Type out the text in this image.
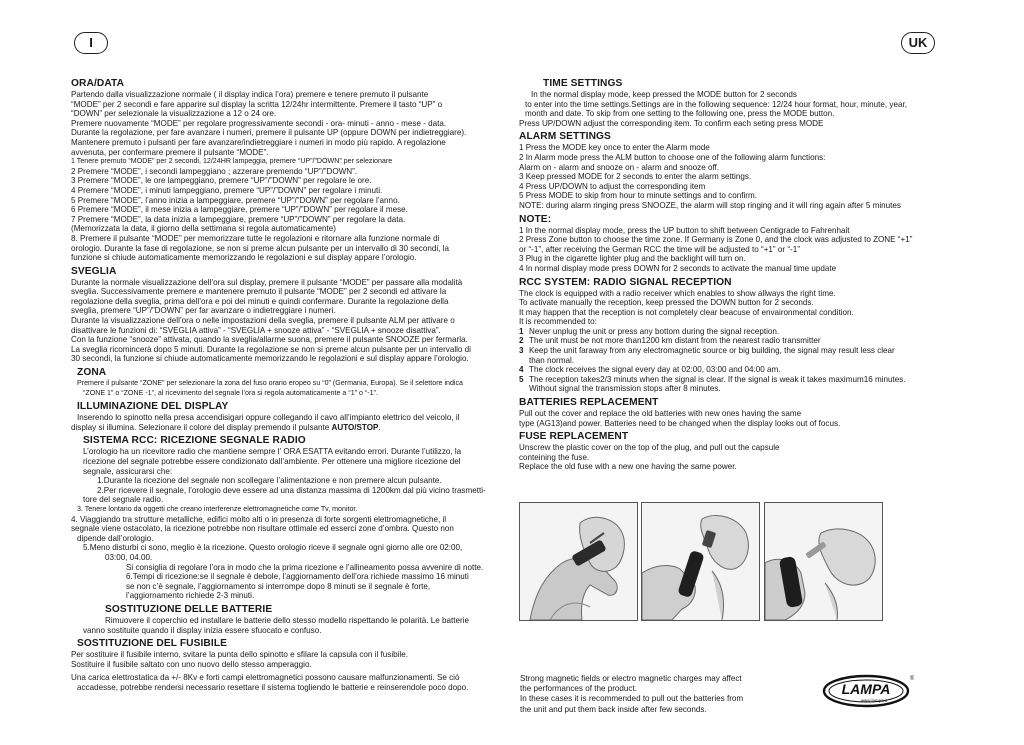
I	UK
ORA/DATA

Partendo dalla visualizzazione normale ( il display indica l’ora) premere e tenere premuto il pulsante

“MODE” per 2 secondi e fare apparire sul display la scritta 12/24hr intermittente. Premere il tasto “UP” o

“DOWN” per selezionale la visualizzazione a 12 o 24 ore.

Premere nuovamente “MODE” per regolare progressivamente secondi - ora- minuti - anno - mese - data.

Durante la regolazione, per fare avanzare i numeri, premere il pulsante UP (oppure DOWN per indietreggiare).

Mantenere premuto i pulsanti per fare avanzare/indietreggiare i numeri in modo più rapido. A regolazione

avvenuta, per confermare premere il pulsante “MODE”.

1 Tenere premuto “MODE” per 2 secondi, 12/24HR lampeggia, premere “UP”/”DOWN” per selezionare

2 Premere “MODE”, i secondi lampeggiano ; azzerare premendo “UP”/”DOWN”.

3 Premere “MODE”, le ore lampeggiano, premere “UP”/”DOWN” per regolare le ore.

4 Premere “MODE”, i minuti lampeggiano, premere “UP”/”DOWN” per regolare i minuti.

5 Premere “MODE”, l’anno inizia a lampeggiare, premere “UP”/”DOWN” per regolare l’anno.

6 Premere “MODE”, il mese inizia a lampeggiare, premere “UP”/”DOWN” per regolare il mese.

7 Premere “MODE”, la data inizia a lampeggiare, premere “UP”/”DOWN” per regolare la data.

(Memorizzata la data, il giorno della settimana si regola automaticamente)

8. Premere il pulsante “MODE” per memorizzare tutte le regolazioni e ritornare alla funzione normale di

orologio. Durante la fase di regolazione, se non si preme alcun pulsante per un intervallo di 30 secondi, la

funzione si chiude automaticamente memorizzando le regolazioni e sul display appare l’orologio.

SVEGLIA

Durante la normale visualizzazione dell’ora sul display, premere il pulsante “MODE” per passare alla modalità

sveglia. Successivamente premere e mantenere premuto il pulsante “MODE” per 2 secondi ed attivare la

regolazione della sveglia, prima dell’ora e poi dei minuti e quindi confermare. Durante la regolazione della

sveglia, premere “UP”/”DOWN” per far avanzare o indietreggiare i numeri.

Durante la visualizzazione dell’ora o nelle impostazioni della sveglia, premere il pulsante ALM per attivare o

disattivare le funzioni di: “SVEGLIA attiva” - “SVEGLIA + snooze attiva” - “SVEGLIA + snooze disattiva”.

Con la funzione “snooze” attivata, quando la sveglia/allarme suona, premere il pulsante SNOOZE per fermarla.

La sveglia ricomincerà dopo 5 minuti. Durante la regolazione se non si preme alcun pulsante per un intervallo di

30 secondi, la funzione si chiude automaticamente memorizzando le regolazioni e sul display appare l’orologio.

ZONA

Premere il pulsante “ZONE” per selezionare la zona del fuso orario eropeo su “0” (Germania, Europa). Se il selettore indica

“ZONE 1” o “ZONE -1”, al ricevimento del segnale l’ora si regola automaticamente a “1” o “-1”.

ILLUMINAZIONE DEL DISPLAY

Inserendo lo spinotto nella presa accendisigari oppure collegando il cavo all’impianto elettrico del veicolo, il

display si illumina. Selezionare il colore del display premendo il pulsante AUTO/STOP.

SISTEMA RCC: RICEZIONE SEGNALE RADIO

L’orologio ha un ricevitore radio che mantiene sempre l’ ORA ESATTA evitando errori. Durante l’utilizzo, la

ricezione del segnale potrebbe essere condizionato dall’ambiente. Per ottenere una migliore ricezione del

segnale, assicurarsi che:

1.Durante la ricezione del segnale non scollegare l’alimentazione e non premere alcun pulsante.

2.Per ricevere il segnale, l’orologio deve essere ad una distanza massima di 1200km dal più vicino trasmetti-

tore del segnale radio.

3. Tenere lontano da oggetti che creano interferenze elettromagnetiche come Tv, monitor.

4. Viaggiando tra strutture metalliche, edifici molto alti o in presenza di forte sorgenti elettromagnetiche, il

segnale viene ostacolato, la ricezione potrebbe non risultare ottimale ed esserci zone d’ombra. Questo non

dipende dall’orologio.

5.Meno disturbi ci sono, meglio è la ricezione. Questo orologio riceve il segnale ogni giorno alle ore 02:00,

03:00, 04.00.

Si consiglia di regolare l’ora in modo che la prima ricezione e l’allineamento possa avvenire di notte.

6.Tempi di ricezione:se il segnale è debole, l’aggiornamento dell’ora richiede massimo 16 minuti

se non c’è segnale, l’aggiornamento si interrompe dopo 8 minuti se il segnale è forte,

l’aggiornamento richiede 2-3 minuti.

SOSTITUZIONE DELLE BATTERIE

Rimuovere il coperchio ed installare le batterie dello stesso modello rispettando le polarità. Le batterie

vanno sostituite quando il display inizia essere sfuocato e confuso.

SOSTITUZIONE DEL FUSIBILE

Per sostituire il fusibile interno, svitare la punta dello spinotto e sfilare la capsula con il fusibile.

Sostituire il fusibile saltato con uno nuovo dello stesso amperaggio.

Una carica elettrostatica da +/- 8Kv e forti campi elettromagnetici possono causare malfunzionamenti. Se ciò

accadesse, potrebbe rendersi necessario resettare il sistema togliendo le batterie e reinserendole poco dopo.

TIME SETTINGS

In the normal display mode, keep pressed the MODE button for 2 seconds

to enter into the time settings.Settings are in the following sequence: 12/24 hour format, hour, minute, year,

month and date. To skip from one setting to the following one, press the MODE button.

Press UP/DOWN adjust the corresponding item. To confirm each seting press MODE

ALARM SETTINGS

1 Press the MODE key once to enter the Alarm mode

2 In Alarm mode press the ALM button to choose one of the following alarm functions:

Alarm on - alarm and snooze on - alarm and snooze off.

3 Keep pressed MODE for 2 seconds to enter the alarm settings.

4 Press UP/DOWN to adjust the corresponding item

5 Press MODE to skip from hour to minute settings and to confirm.

NOTE: during alarm ringing press SNOOZE, the alarm will stop ringing and it will ring again after 5 minutes

NOTE:

1 In the normal display mode, press the UP button to shift between Centigrade to Fahrenhait

2 Press Zone button to choose the time zone. If Germany is Zone 0, and the clock was adjusted to ZONE “+1”

or “-1”, after receiving the German RCC the time will be adjusted to “+1” or “-1”

3 Plug in the cigarette lighter plug and the backlight will turn on.

4 In normal display mode press DOWN for 2 seconds to activate the manual time update

RCC SYSTEM: RADIO SIGNAL RECEPTION

The clock is equipped with a radio receiver which enables to show allways the right time.

To activate manually the reception, keep pressed the DOWN button for 2 seconds.

It may happen that the reception is not completely clear beacuse of envaironmental condition.

It is recommended to:

1 Never unplug the unit or press any bottom during the signal reception.

2 The unit must be not more than1200 km distant from the nearest radio transmitter

3 Keep the unit faraway from any electromagnetic source or big building, the signal may result less clear

than normal.

4 The clock receives the signal every day at 02:00, 03:00 and 04:00 am.

5 The reception takes2/3 minuts when the signal is clear. If the signal is weak it takes maximum16 minutes.

Without signal the transmission stops after 8 minutes.

BATTERIES REPLACEMENT

Pull out the cover and replace the old batteries with new ones having the same

type (AG13)and power. Batteries need to be changed when the display looks out of focus.

FUSE REPLACEMENT

Unscrew the plastic cover on the top of the plug, and pull out the capsule

conteining the fuse.

Replace the old fuse with a new one having the same power.

Strong magnetic fields or electro magnetic charges may affect

the performances of the product.

In these cases it is recommended to pull out the batteries from

the unit and put them back inside after few seconds.

LAMPA
www.lampa.it
®
